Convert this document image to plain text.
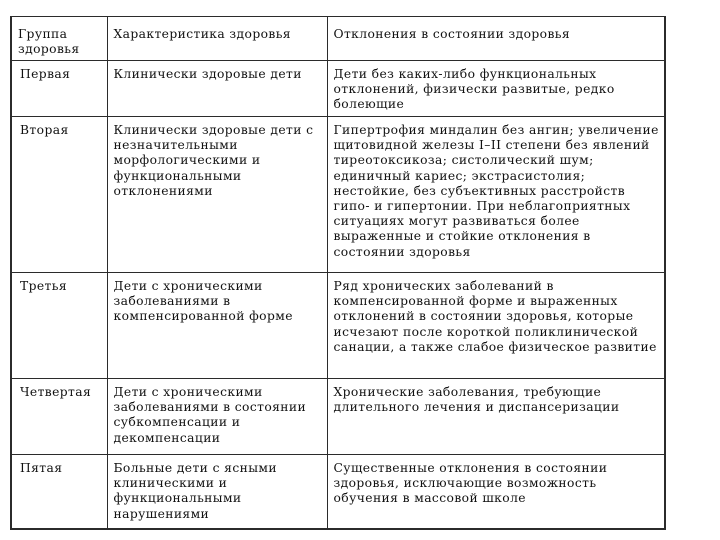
Группа здоровья	Характеристика здоровья	Отклонения в состоянии здоровья
Первая	Клинически здоровые дети	Дети без каких-либо функциональных отклонений, физически развитые, редко болеющие
Вторая	Клинически здоровые дети с незначительными морфологическими и функциональными отклонениями	Гипертрофия миндалин без ангин; увеличение щитовидной железы I–II степени без явлений тиреотоксикоза; систолический шум; единичный кариес; экстрасистолия; нестойкие, без субъективных расстройств гипо- и гипертонии. При неблагоприятных ситуациях могут развиваться более выраженные и стойкие отклонения в состоянии здоровья
Третья	Дети с хроническими заболеваниями в компенсированной форме	Ряд хронических заболеваний в компенсированной форме и выраженных отклонений в состоянии здоровья, которые исчезают после короткой поликлинической санации, а также слабое физическое развитие
Четвертая	Дети с хроническими заболеваниями в состоянии субкомпенсации и декомпенсации	Хронические заболевания, требующие длительного лечения и диспансеризации
Пятая	Больные дети с ясными клиническими и функциональными нарушениями	Существенные отклонения в состоянии здоровья, исключающие возможность обучения в массовой школе
